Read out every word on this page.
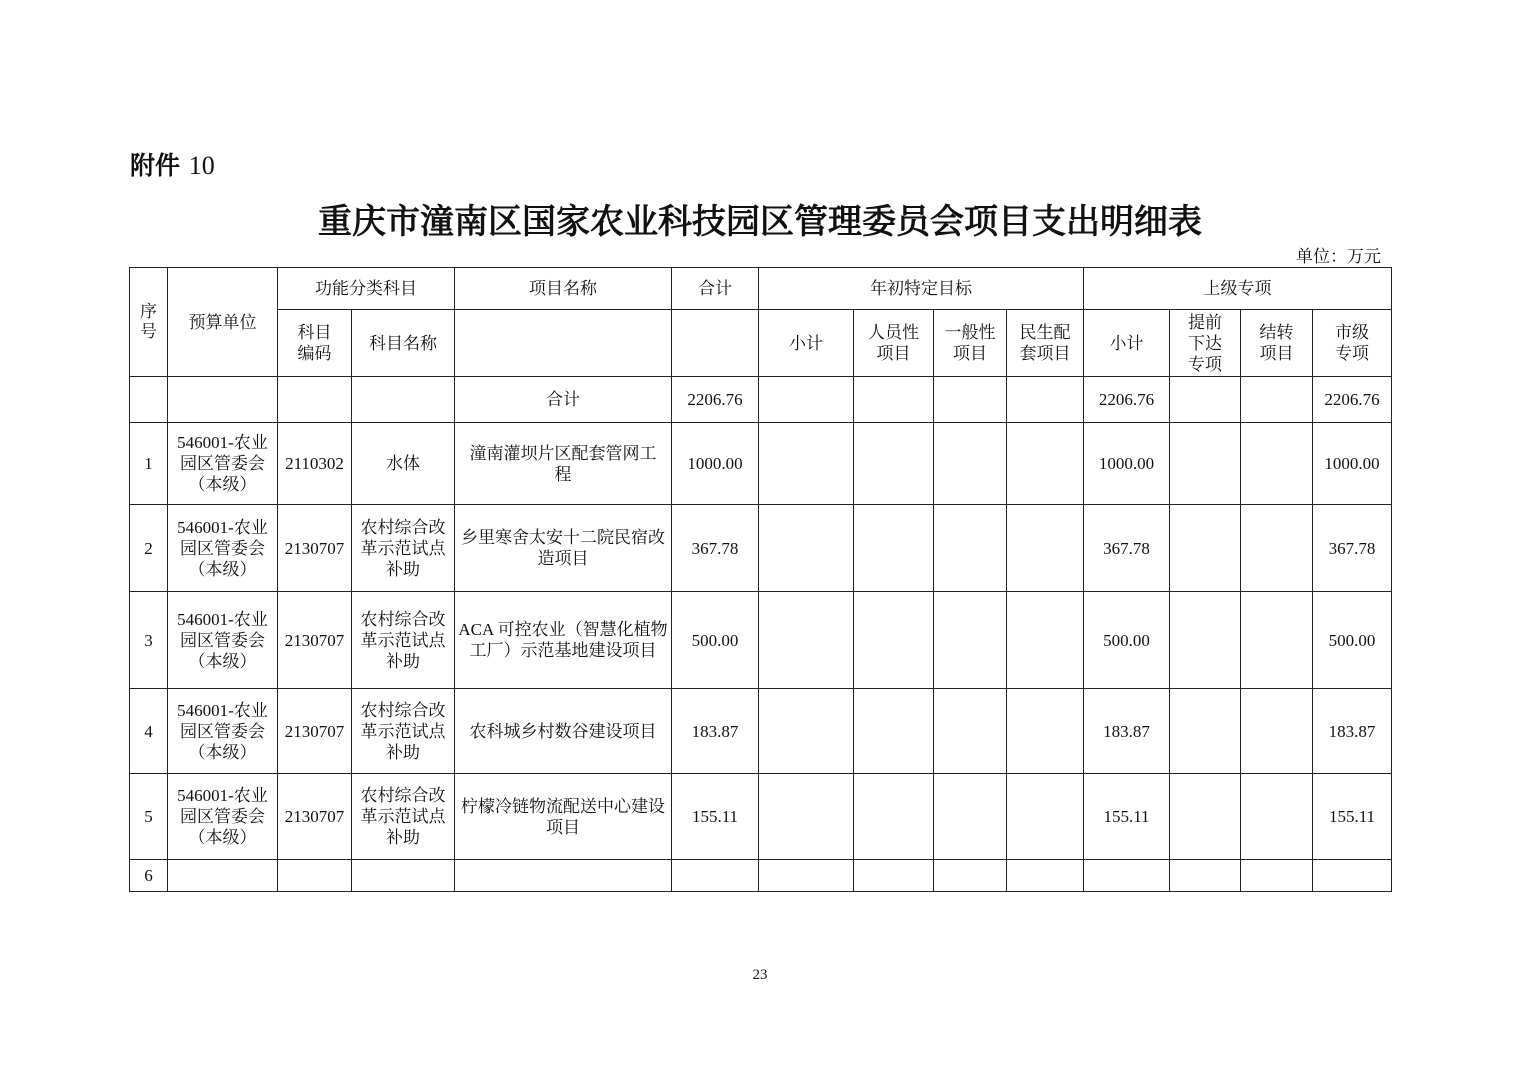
附件 10
重庆市潼南区国家农业科技园区管理委员会项目支出明细表
单位：万元
序号	预算单位	功能分类科目		项目名称	合计	年初特定目标				上级专项			
		科目编码	科目名称			小计	人员性项目	一般性项目	民生配套项目	小计	提前下达专项	结转项目	市级专项
				合计	2206.76					2206.76			2206.76
1	546001-农业园区管委会（本级）	2110302	水体	潼南灌坝片区配套管网工程	1000.00					1000.00			1000.00
2	546001-农业园区管委会（本级）	2130707	农村综合改革示范试点补助	乡里寒舍太安十二院民宿改造项目	367.78					367.78			367.78
3	546001-农业园区管委会（本级）	2130707	农村综合改革示范试点补助	ACA 可控农业（智慧化植物工厂）示范基地建设项目	500.00					500.00			500.00
4	546001-农业园区管委会（本级）	2130707	农村综合改革示范试点补助	农科城乡村数谷建设项目	183.87					183.87			183.87
5	546001-农业园区管委会（本级）	2130707	农村综合改革示范试点补助	柠檬冷链物流配送中心建设项目	155.11					155.11			155.11
6													
23
